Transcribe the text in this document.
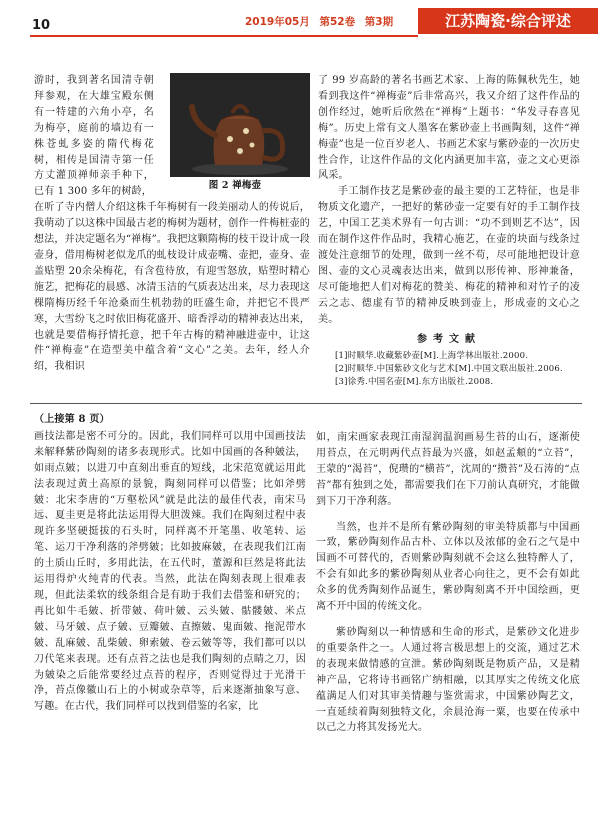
10	2019年05月 第52卷 第3期	江苏陶瓷·综合评述
图 2 禅梅壶

游时，我到著名国清寺朝拜参观，在大雄宝殿东侧有一特建的六角小亭，名为梅亭，庭前的墙边有一株苍虬多姿的隋代梅花树，相传是国清寺第一任方丈灌顶禅师亲手种下，已有 1 300 多年的树龄，

在听了寺内僧人介绍这株千年梅树有一段美丽动人的传说后，我萌动了以这株中国最古老的梅树为题材，创作一件梅桩壶的想法，并决定题名为“禅梅”。我把这颗隋梅的枝干设计成一段壶身，借用梅树老似龙爪的虬枝设计成壶嘴、壶把，壶身、壶盖贴塑 20余朵梅花，有含苞待放，有迎雪怒放，贴塑时精心施艺，把梅花的晨感、冰清玉洁的气质表达出来，尽力表现这棵隋梅历经千年沧桑而生机勃勃的旺盛生命，并把它不畏严寒，大雪纷飞之时依旧梅花盛开、暗香浮动的精神表达出来，也就是要借梅抒情托意，把千年古梅的精神融进壶中，让这件“禅梅壶”在造型美中蕴含着“文心”之美。去年，经人介绍，我相识

了 99 岁高龄的著名书画艺术家、上海的陈佩秋先生，她看到我这件“禅梅壶”后非常高兴，我又介绍了这件作品的创作经过，她听后欣然在“禅梅”上题书：“华发寻春喜见梅”。历史上常有文人墨客在紫砂壶上书画陶刻，这件“禅梅壶”也是一位百岁老人、书画艺术家与紫砂壶的一次历史性合作，让这件作品的文化内涵更加丰富，壶之文心更添风采。

手工制作技艺是紫砂壶的最主要的工艺特征，也是非物质文化遗产，一把好的紫砂壶一定要有好的手工制作技艺，中国工艺美术界有一句古训：“功不到则艺不达”，因而在制作这件作品时，我精心施艺，在壶的块面与线条过渡处注意细节的处理，做到一丝不苟，尽可能地把设计意图、壶的文心灵魂表达出来，做到以形传神、形神兼备，尽可能地把人们对梅花的赞美、梅花的精神和对竹子的凌云之志、德虚有节的精神反映到壶上，形成壶的文心之美。

参考文献

[1]时顺华.收藏紫砂壶[M].上海学林出版社.2000.

[2]时顺华.中国紫砂文化与艺术[M].中国文联出版社.2006.

[3]徐秀.中国名壶[M].东方出版社.2008.

（上接第 8 页）

画技法都是密不可分的。因此，我们同样可以用中国画技法来解释紫砂陶刻的诸多表现形式。比如中国画的各种皴法，如雨点皴；以进刀中直刻出垂直的短线，北宋范宽就运用此法表现过黄土高原的景貌，陶刻同样可以借鉴；比如斧劈皴：北宋李唐的“万壑松风”就是此法的最佳代表，南宋马远、夏圭更是将此法运用得大胆泼辣。我们在陶刻过程中表现许多坚硬挺拔的石头时，同样离不开笔墨、收笔转、运笔、运刀干净利落的斧劈皴；比如披麻皴，在表现我们江南的土质山丘时，多用此法，在五代时，董源和巨然是将此法运用得炉火纯青的代表。当然，此法在陶刻表现上很难表现，但此法柔软的线条组合是有助于我们去借鉴和研究的；再比如牛毛皴、折带皴、荷叶皴、云头皴、骷髅皴、米点皴、马牙皴、点子皴、豆瓣皴、直擦皴、鬼面皴、拖泥带水皴、乱麻皴、乱柴皴、卵索皴、卷云皴等等，我们都可以以刀代笔来表现。还有点苔之法也是我们陶刻的点睛之刀，因为皴染之后能常要经过点苔的程序，否则觉得过于光滑干净，苔点像徽山石上的小树或杂草等，后来逐渐抽象写意、写趣。在古代，我们同样可以找到借鉴的名家，比

如，南宋画家表现江南湿润温润画易生苔的山石，逐渐使用苔点，在元明两代点苔最为兴盛，如赵孟頫的“立苔”，王蒙的“渴苔”，倪瓒的“横苔”，沈周的“攒苔”及石涛的“点苔”都有独到之处，都需要我们在下刀前认真研究，才能做到下刀干净利落。

当然，也并不是所有紫砂陶刻的审美特质都与中国画一致，紫砂陶刻作品古朴、立体以及浓郁的金石之气是中国画不可替代的，否则紫砂陶刻就不会这么独特醉人了，不会有如此多的紫砂陶刻从业者心向往之，更不会有如此众多的优秀陶刻作品诞生，紫砂陶刻离不开中国绘画，更离不开中国的传统文化。

紫砂陶刻以一种情感和生命的形式，是紫砂文化进步的重要条件之一。人通过将言极思想上的交流，通过艺术的表现来做情感的宣泄。紫砂陶刻既是物质产品，又是精神产品，它将诗书画铭广纳相融，以其厚实之传统文化底蕴满足人们对其审美情趣与鉴赏需求，中国紫砂陶艺文，一直延续着陶刻独特文化，余晨沧海一粟，也要在传承中以己之力将其发扬光大。
